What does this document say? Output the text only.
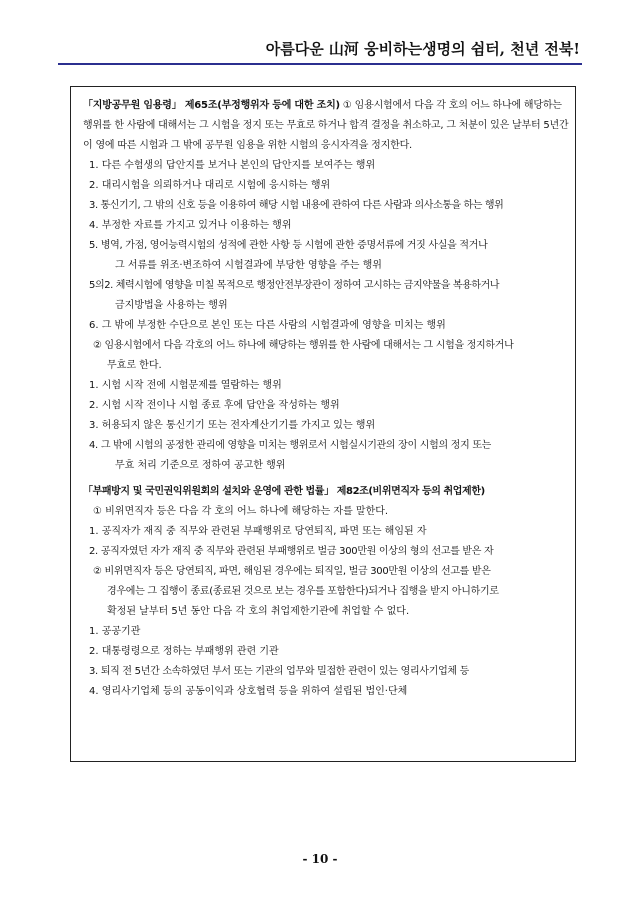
아름다운 山河 웅비하는생명의 쉼터, 천년 전북!

「지방공무원 임용령」 제65조(부정행위자 등에 대한 조치) ① 임용시험에서 다음 각 호의 어느 하나에 해당하는 행위를 한 사람에 대해서는 그 시험을 정지 또는 무효로 하거나 합격 결정을 취소하고, 그 처분이 있은 날부터 5년간 이 영에 따른 시험과 그 밖에 공무원 임용을 위한 시험의 응시자격을 정지한다.

1. 다른 수험생의 답안지를 보거나 본인의 답안지를 보여주는 행위

2. 대리시험을 의뢰하거나 대리로 시험에 응시하는 행위

3. 통신기기, 그 밖의 신호 등을 이용하여 해당 시험 내용에 관하여 다른 사람과 의사소통을 하는 행위

4. 부정한 자료를 가지고 있거나 이용하는 행위

5. 병역, 가점, 영어능력시험의 성적에 관한 사항 등 시험에 관한 증명서류에 거짓 사실을 적거나

그 서류를 위조·변조하여 시험결과에 부당한 영향을 주는 행위

5의2. 체력시험에 영향을 미칠 목적으로 행정안전부장관이 정하여 고시하는 금지약물을 복용하거나

금지방법을 사용하는 행위

6. 그 밖에 부정한 수단으로 본인 또는 다른 사람의 시험결과에 영향을 미치는 행위

② 임용시험에서 다음 각호의 어느 하나에 해당하는 행위를 한 사람에 대해서는 그 시험을 정지하거나

무효로 한다.

1. 시험 시작 전에 시험문제를 열람하는 행위

2. 시험 시작 전이나 시험 종료 후에 답안을 작성하는 행위

3. 허용되지 않은 통신기기 또는 전자계산기기를 가지고 있는 행위

4. 그 밖에 시험의 공정한 관리에 영향을 미치는 행위로서 시험실시기관의 장이 시험의 정지 또는

무효 처리 기준으로 정하여 공고한 행위

「부패방지 및 국민권익위원회의 설치와 운영에 관한 법률」 제82조(비위면직자 등의 취업제한)

① 비위면직자 등은 다음 각 호의 어느 하나에 해당하는 자를 말한다.

1. 공직자가 재직 중 직무와 관련된 부패행위로 당연퇴직, 파면 또는 해임된 자

2. 공직자였던 자가 재직 중 직무와 관련된 부패행위로 벌금 300만원 이상의 형의 선고를 받은 자

② 비위면직자 등은 당연퇴직, 파면, 해임된 경우에는 퇴직일, 벌금 300만원 이상의 선고를 받은

경우에는 그 집행이 종료(종료된 것으로 보는 경우를 포함한다)되거나 집행을 받지 아니하기로

확정된 날부터 5년 동안 다음 각 호의 취업제한기관에 취업할 수 없다.

1. 공공기관

2. 대통령령으로 정하는 부패행위 관련 기관

3. 퇴직 전 5년간 소속하였던 부서 또는 기관의 업무와 밀접한 관련이 있는 영리사기업체 등

4. 영리사기업체 등의 공동이익과 상호협력 등을 위하여 설립된 법인·단체

- 10 -
